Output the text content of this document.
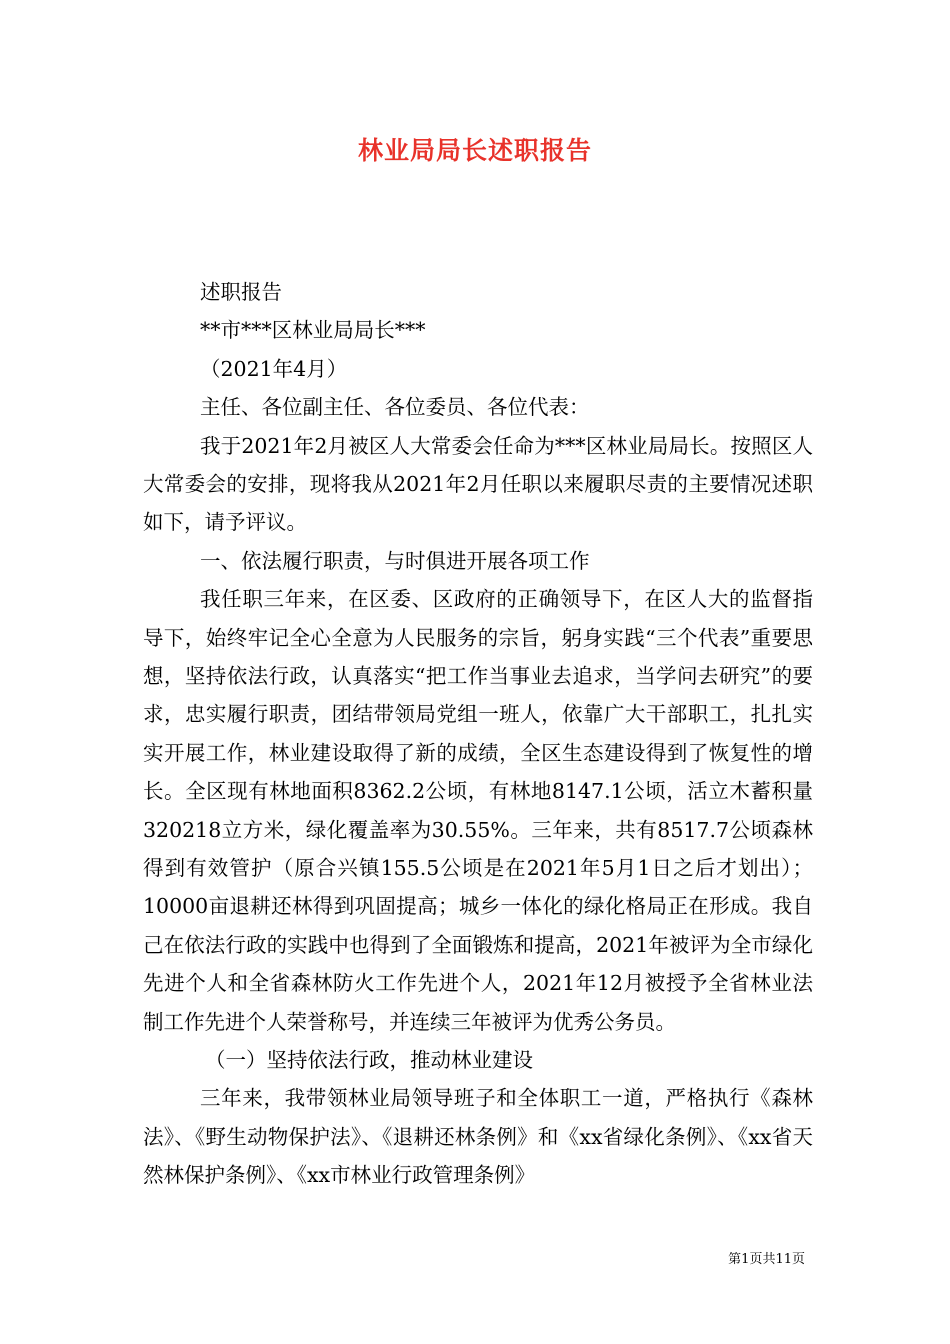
林业局局长述职报告
述职报告
**市***区林业局局长***
（2021年4月）
主任、各位副主任、各位委员、各位代表：
我于2021年2月被区人大常委会任命为***区林业局局长。按照区人大常委会的安排，现将我从2021年2月任职以来履职尽责的主要情况述职如下，请予评议。
一、依法履行职责，与时俱进开展各项工作
我任职三年来，在区委、区政府的正确领导下，在区人大的监督指导下，始终牢记全心全意为人民服务的宗旨，躬身实践“三个代表”重要思想，坚持依法行政，认真落实“把工作当事业去追求，当学问去研究”的要求，忠实履行职责，团结带领局党组一班人，依靠广大干部职工，扎扎实实开展工作，林业建设取得了新的成绩，全区生态建设得到了恢复性的增长。全区现有林地面积8362.2公顷，有林地8147.1公顷，活立木蓄积量320218立方米，绿化覆盖率为30.55%。三年来，共有8517.7公顷森林得到有效管护（原合兴镇155.5公顷是在2021年5月1日之后才划出）；10000亩退耕还林得到巩固提高；城乡一体化的绿化格局正在形成。我自己在依法行政的实践中也得到了全面锻炼和提高，2021年被评为全市绿化先进个人和全省森林防火工作先进个人，2021年12月被授予全省林业法制工作先进个人荣誉称号，并连续三年被评为优秀公务员。
（一）坚持依法行政，推动林业建设
三年来，我带领林业局领导班子和全体职工一道，严格执行《森林法》、《野生动物保护法》、《退耕还林条例》和《xx省绿化条例》、《xx省天然林保护条例》、《xx市林业行政管理条例》
第1页共11页
